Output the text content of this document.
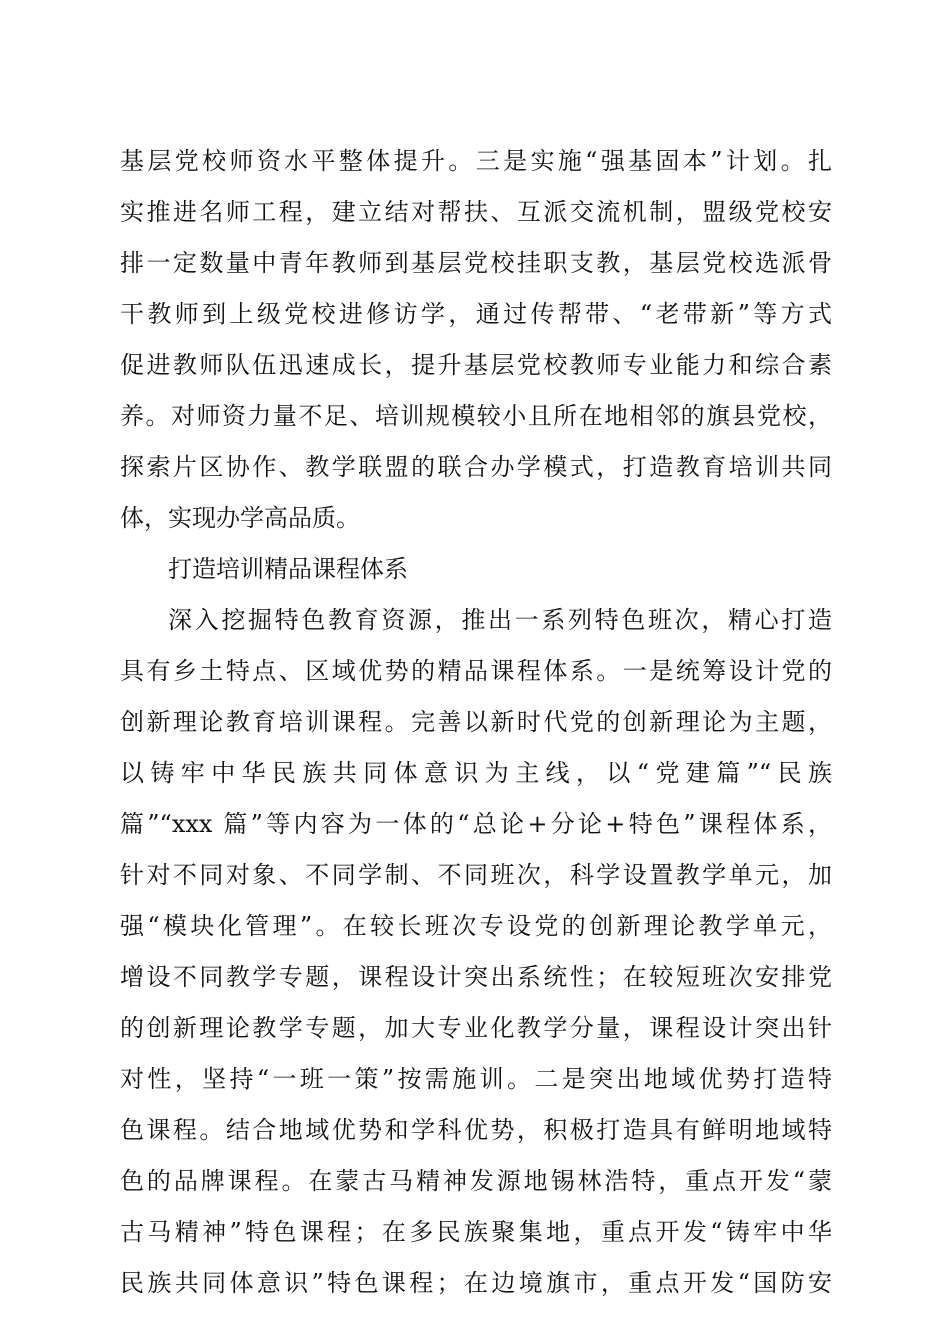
基层党校师资水平整体提升。三是实施“强基固本”计划。扎
实推进名师工程，建立结对帮扶、互派交流机制，盟级党校安
排一定数量中青年教师到基层党校挂职支教，基层党校选派骨
干教师到上级党校进修访学，通过传帮带、“老带新”等方式
促进教师队伍迅速成长，提升基层党校教师专业能力和综合素
养。对师资力量不足、培训规模较小且所在地相邻的旗县党校，
探索片区协作、教学联盟的联合办学模式，打造教育培训共同
体，实现办学高品质。
打造培训精品课程体系
深入挖掘特色教育资源，推出一系列特色班次，精心打造
具有乡土特点、区域优势的精品课程体系。一是统筹设计党的
创新理论教育培训课程。完善以新时代党的创新理论为主题，
以铸牢中华民族共同体意识为主线，以“党建篇”“民族
篇”“xxx 篇”等内容为一体的“总论+分论+特色”课程体系，
针对不同对象、不同学制、不同班次，科学设置教学单元，加
强“模块化管理”。在较长班次专设党的创新理论教学单元，
增设不同教学专题，课程设计突出系统性；在较短班次安排党
的创新理论教学专题，加大专业化教学分量，课程设计突出针
对性，坚持“一班一策”按需施训。二是突出地域优势打造特
色课程。结合地域优势和学科优势，积极打造具有鲜明地域特
色的品牌课程。在蒙古马精神发源地锡林浩特，重点开发“蒙
古马精神”特色课程；在多民族聚集地，重点开发“铸牢中华
民族共同体意识”特色课程；在边境旗市，重点开发“国防安
